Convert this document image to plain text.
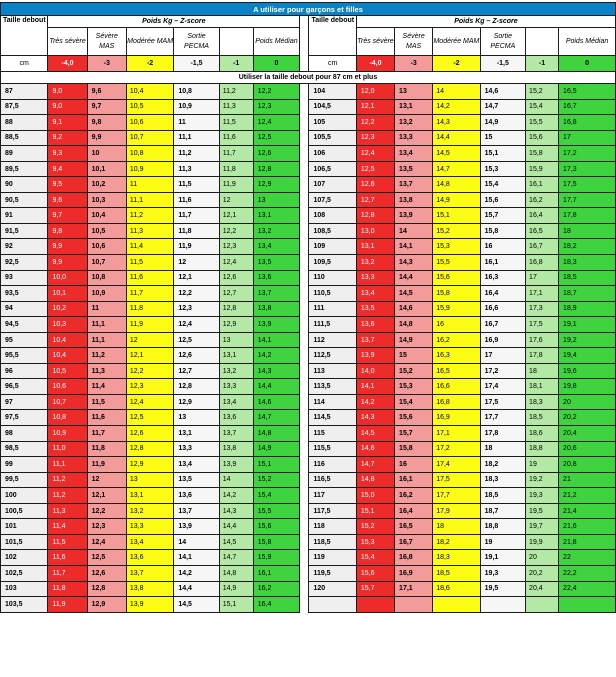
A utiliser pour garçons et filles														
Taille debout	Poids Kg – Z-score							Taille debout	Poids Kg – Z-score					
	Très sévère	Sévère MAS	Modérée MAM	Sortie PECMA		Poids Médian			Très sévère	Sévère MAS	Modérée MAM	Sortie PECMA		Poids Médian
cm	-4,0	-3	-2	-1,5	-1	0		cm	-4,0	-3	-2	-1,5	-1	0
Utiliser la taille debout pour 87 cm et plus														
87	9,0	9,6	10,4	10,8	11,2	12,2		104	12,0	13	14	14,6	15,2	16,5
87,5	9,0	9,7	10,5	10,9	11,3	12,3		104,5	12,1	13,1	14,2	14,7	15,4	16,7
88	9,1	9,8	10,6	11	11,5	12,4		105	12,2	13,2	14,3	14,9	15,5	16,8
88,5	9,2	9,9	10,7	11,1	11,6	12,5		105,5	12,3	13,3	14,4	15	15,6	17
89	9,3	10	10,8	11,2	11,7	12,6		106	12,4	13,4	14,5	15,1	15,8	17,2
89,5	9,4	10,1	10,9	11,3	11,8	12,8		106,5	12,5	13,5	14,7	15,3	15,9	17,3
90	9,5	10,2	11	11,5	11,9	12,9		107	12,6	13,7	14,8	15,4	16,1	17,5
90,5	9,6	10,3	11,1	11,6	12	13		107,5	12,7	13,8	14,9	15,6	16,2	17,7
91	9,7	10,4	11,2	11,7	12,1	13,1		108	12,8	13,9	15,1	15,7	16,4	17,8
91,5	9,8	10,5	11,3	11,8	12,2	13,2		108,5	13,0	14	15,2	15,8	16,5	18
92	9,9	10,6	11,4	11,9	12,3	13,4		109	13,1	14,1	15,3	16	16,7	18,2
92,5	9,9	10,7	11,5	12	12,4	13,5		109,5	13,2	14,3	15,5	16,1	16,8	18,3
93	10,0	10,8	11,6	12,1	12,6	13,6		110	13,3	14,4	15,6	16,3	17	18,5
93,5	10,1	10,9	11,7	12,2	12,7	13,7		110,5	13,4	14,5	15,8	16,4	17,1	18,7
94	10,2	11	11,8	12,3	12,8	13,8		111	13,5	14,6	15,9	16,6	17,3	18,9
94,5	10,3	11,1	11,9	12,4	12,9	13,9		111,5	13,6	14,8	16	16,7	17,5	19,1
95	10,4	11,1	12	12,5	13	14,1		112	13,7	14,9	16,2	16,9	17,6	19,2
95,5	10,4	11,2	12,1	12,6	13,1	14,2		112,5	13,9	15	16,3	17	17,8	19,4
96	10,5	11,3	12,2	12,7	13,2	14,3		113	14,0	15,2	16,5	17,2	18	19,6
96,5	10,6	11,4	12,3	12,8	13,3	14,4		113,5	14,1	15,3	16,6	17,4	18,1	19,8
97	10,7	11,5	12,4	12,9	13,4	14,6		114	14,2	15,4	16,8	17,5	18,3	20
97,5	10,8	11,6	12,5	13	13,6	14,7		114,5	14,3	15,6	16,9	17,7	18,5	20,2
98	10,9	11,7	12,6	13,1	13,7	14,8		115	14,5	15,7	17,1	17,8	18,6	20,4
98,5	11,0	11,8	12,8	13,3	13,8	14,9		115,5	14,6	15,8	17,2	18	18,8	20,6
99	11,1	11,9	12,9	13,4	13,9	15,1		116	14,7	16	17,4	18,2	19	20,8
99,5	11,2	12	13	13,5	14	15,2		116,5	14,8	16,1	17,5	18,3	19,2	21
100	11,2	12,1	13,1	13,6	14,2	15,4		117	15,0	16,2	17,7	18,5	19,3	21,2
100,5	11,3	12,2	13,2	13,7	14,3	15,5		117,5	15,1	16,4	17,9	18,7	19,5	21,4
101	11,4	12,3	13,3	13,9	14,4	15,6		118	15,2	16,5	18	18,8	19,7	21,6
101,5	11,5	12,4	13,4	14	14,5	15,8		118,5	15,3	16,7	18,2	19	19,9	21,8
102	11,6	12,5	13,6	14,1	14,7	15,9		119	15,4	16,8	18,3	19,1	20	22
102,5	11,7	12,6	13,7	14,2	14,8	16,1		119,5	15,6	16,9	18,5	19,3	20,2	22,2
103	11,8	12,8	13,8	14,4	14,9	16,2		120	15,7	17,1	18,6	19,5	20,4	22,4
103,5	11,9	12,9	13,9	14,5	15,1	16,4								
